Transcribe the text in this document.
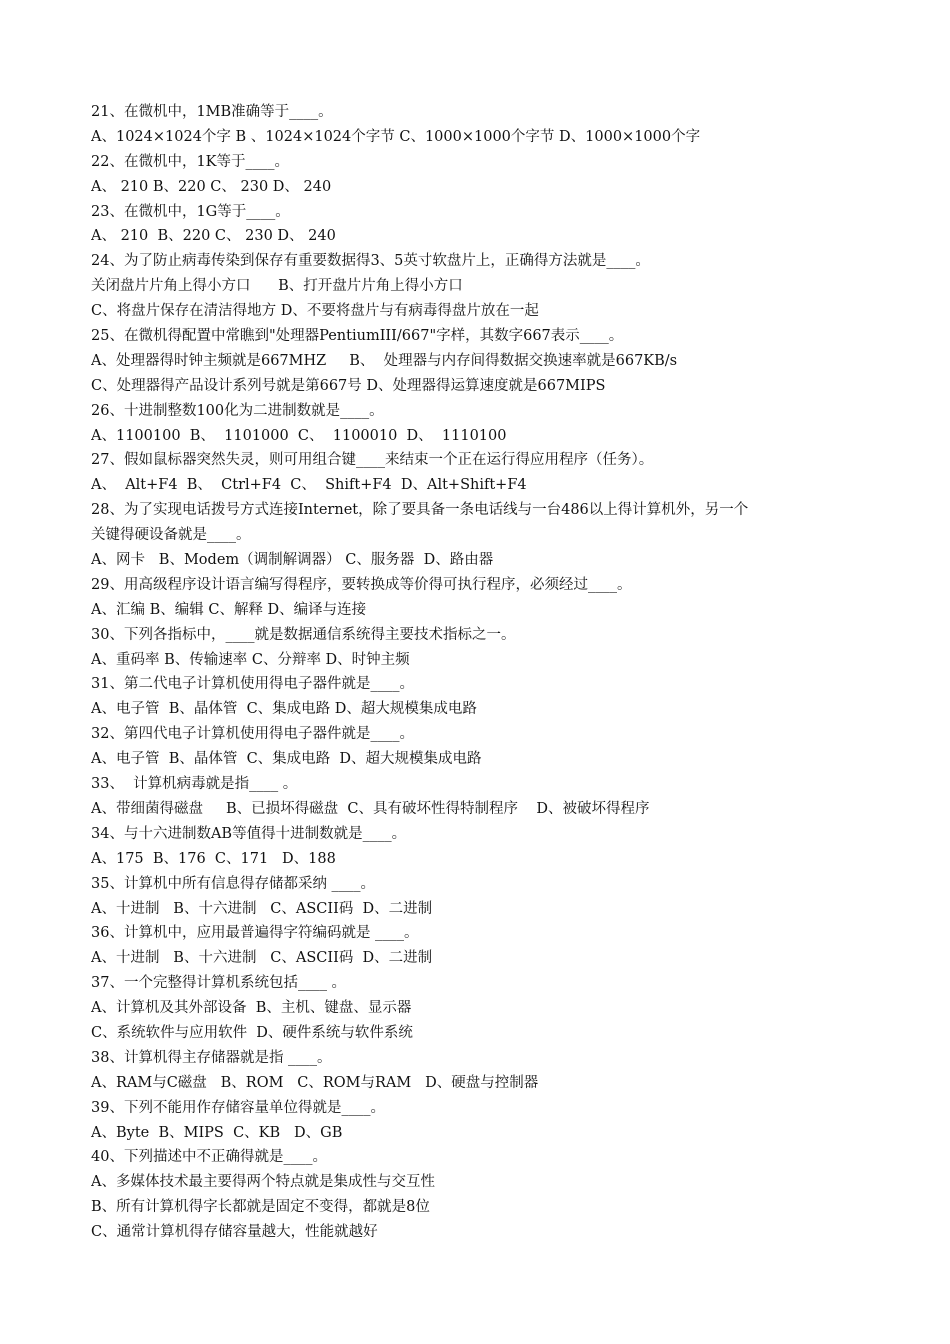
21、在微机中，1MB准确等于____。
A、1024×1024个字 B 、1024×1024个字节 C、1000×1000个字节 D、1000×1000个字
22、在微机中，1K等于____。
A、 210 B、220 C、 230 D、 240
23、在微机中，1G等于____。
A、 210  B、220 C、 230 D、 240
24、为了防止病毒传染到保存有重要数据得3、5英寸软盘片上，正确得方法就是____。
关闭盘片片角上得小方口      B、打开盘片片角上得小方口
C、将盘片保存在清洁得地方 D、不要将盘片与有病毒得盘片放在一起
25、在微机得配置中常瞧到"处理器PentiumIII/667"字样，其数字667表示____。
A、处理器得时钟主频就是667MHZ     B、  处理器与内存间得数据交换速率就是667KB/s
C、处理器得产品设计系列号就是第667号 D、处理器得运算速度就是667MIPS
26、十进制整数100化为二进制数就是____。
A、1100100  B、  1101000  C、  1100010  D、  1110100
27、假如鼠标器突然失灵，则可用组合键____来结束一个正在运行得应用程序（任务）。
A、  Alt+F4  B、  Ctrl+F4  C、  Shift+F4  D、Alt+Shift+F4
28、为了实现电话拨号方式连接Internet，除了要具备一条电话线与一台486以上得计算机外，另一个
关键得硬设备就是____。
A、网卡   B、Modem（调制解调器） C、服务器  D、路由器
29、用高级程序设计语言编写得程序，要转换成等价得可执行程序，必须经过____。
A、汇编 B、编辑 C、解释 D、编译与连接
30、下列各指标中，____就是数据通信系统得主要技术指标之一。
A、重码率 B、传输速率 C、分辩率 D、时钟主频
31、第二代电子计算机使用得电子器件就是____。
A、电子管  B、晶体管  C、集成电路 D、超大规模集成电路
32、第四代电子计算机使用得电子器件就是____。
A、电子管  B、晶体管  C、集成电路  D、超大规模集成电路
33、  计算机病毒就是指____ 。
A、带细菌得磁盘     B、已损坏得磁盘  C、具有破坏性得特制程序    D、被破坏得程序
34、与十六进制数AB等值得十进制数就是____。
A、175  B、176  C、171   D、188
35、计算机中所有信息得存储都采纳 ____。
A、十进制   B、十六进制   C、ASCII码  D、二进制
36、计算机中，应用最普遍得字符编码就是 ____。
A、十进制   B、十六进制   C、ASCII码  D、二进制
37、一个完整得计算机系统包括____ 。
A、计算机及其外部设备  B、主机、键盘、显示器
C、系统软件与应用软件  D、硬件系统与软件系统
38、计算机得主存储器就是指 ____。
A、RAM与C磁盘   B、ROM   C、ROM与RAM   D、硬盘与控制器
39、下列不能用作存储容量单位得就是____。
A、Byte  B、MIPS  C、KB   D、GB
40、下列描述中不正确得就是____。
A、多媒体技术最主要得两个特点就是集成性与交互性
B、所有计算机得字长都就是固定不变得，都就是8位
C、通常计算机得存储容量越大，性能就越好
